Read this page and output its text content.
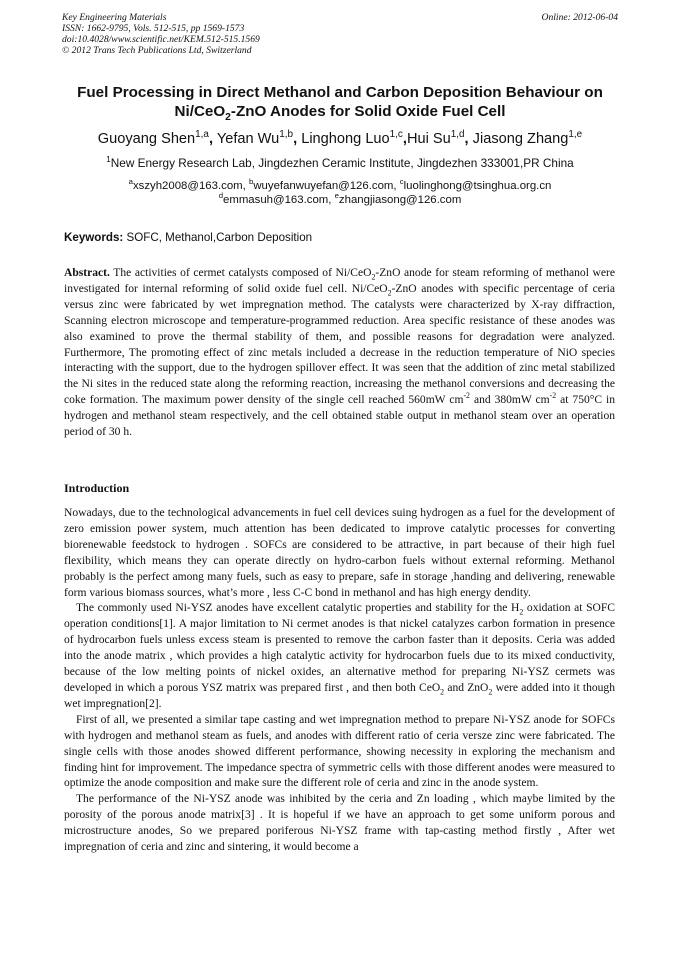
Key Engineering Materials
ISSN: 1662-9795, Vols. 512-515, pp 1569-1573
doi:10.4028/www.scientific.net/KEM.512-515.1569
© 2012 Trans Tech Publications Ltd, Switzerland
Online: 2012-06-04
Fuel Processing in Direct Methanol and Carbon Deposition Behaviour on
Ni/CeO$_2$-ZnO Anodes for Solid Oxide Fuel Cell
Guoyang Shen$^{1,a}$, Yefan Wu$^{1,b}$, Linghong Luo$^{1,c}$,Hui Su$^{1,d}$, Jiasong Zhang$^{1,e}$
$^1$New Energy Research Lab, Jingdezhen Ceramic Institute, Jingdezhen 333001,PR China
$^a$xszyh2008@163.com, $^b$wuyefanwuyefan@126.com, $^c$luolinghong@tsinghua.org.cn
$^d$emmasuh@163.com, $^e$zhangjiasong@126.com
Keywords: SOFC, Methanol,Carbon Deposition
Abstract. The activities of cermet catalysts composed of Ni/CeO$_2$-ZnO anode for steam reforming of methanol were investigated for internal reforming of solid oxide fuel cell. Ni/CeO$_2$-ZnO anodes with specific percentage of ceria versus zinc were fabricated by wet impregnation method. The catalysts were characterized by X-ray diffraction, Scanning electron microscope and temperature-programmed reduction. Area specific resistance of these anodes was also examined to prove the thermal stability of them, and possible reasons for degradation were analyzed. Furthermore, The promoting effect of zinc metals included a decrease in the reduction temperature of NiO species interacting with the support, due to the hydrogen spillover effect. It was seen that the addition of zinc metal stabilized the Ni sites in the reduced state along the reforming reaction, increasing the methanol conversions and decreasing the coke formation. The maximum power density of the single cell reached 560mW $cm^{-2}$ and 380mW $cm^{-2}$ at 750°C in hydrogen and methanol steam respectively, and the cell obtained stable output in methanol steam over an operation period of 30 h.
Introduction

Nowadays, due to the technological advancements in fuel cell devices suing hydrogen as a fuel for the development of zero emission power system, much attention has been dedicated to improve catalytic processes for converting biorenewable feedstock to hydrogen . SOFCs are considered to be attractive, in part because of their high fuel flexibility, which means they can operate directly on hydro-carbon fuels without external reforming. Methanol probably is the perfect among many fuels, such as easy to prepare, safe in storage ,handing and delivering, renewable form various biomass sources, what’s more , less C-C bond in methanol and has high energy dendity.

The commonly used Ni-YSZ anodes have excellent catalytic properties and stability for the $H_2$ oxidation at SOFC operation conditions[1]. A major limitation to Ni cermet anodes is that nickel catalyzes carbon formation in presence of hydrocarbon fuels unless excess steam is presented to remove the carbon faster than it deposits. Ceria was added into the anode matrix , which provides a high catalytic activity for hydrocarbon fuels due to its mixed conductivity, because of the low melting points of nickel oxides, an alternative method for preparing Ni-YSZ cermets was developed in which a porous YSZ matrix was prepared first , and then both CeO$_2$ and ZnO$_2$ were added into it though wet impregnation[2].

First of all, we presented a similar tape casting and wet impregnation method to prepare Ni-YSZ anode for SOFCs with hydrogen and methanol steam as fuels, and anodes with different ratio of ceria versze zinc were fabricated. The single cells with those anodes showed different performance, showing necessity in exploring the mechanism and finding hint for improvement. The impedance spectra of symmetric cells with those different anodes were measured to optimize the anode composition and make sure the different role of ceria and zinc in the anode system.

The performance of the Ni-YSZ anode was inhibited by the ceria and Zn loading , which maybe limited by the porosity of the porous anode matrix[3] . It is hopeful if we have an approach to get some uniform porous and microstructure anodes, So we prepared poriferous Ni-YSZ frame with tap-casting method firstly , After wet impregnation of ceria and zinc and sintering, it would become a
